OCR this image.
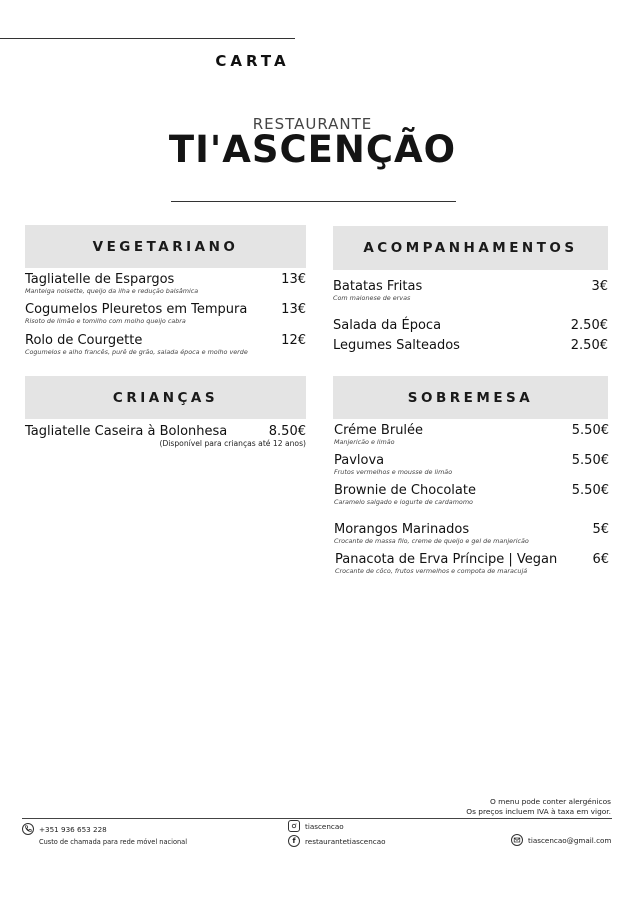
CARTA
RESTAURANTE
TI'ASCENÇÃO
VEGETARIANO
Tagliatelle de Espargos	13€
Manteiga noisette, queijo da ilha e redução balsâmica
Cogumelos Pleuretos em Tempura	13€
Risoto de limão e tomilho com molho queijo cabra
Rolo de Courgette	12€
Cogumelos e alho francês, purê de grão, salada época e molho verde
CRIANÇAS
Tagliatelle Caseira à Bolonhesa	8.50€
(Disponível para crianças até 12 anos)
ACOMPANHAMENTOS
Batatas Fritas	3€
Com maionese de ervas
Salada da Época	2.50€
Legumes Salteados	2.50€
SOBREMESA
Créme Brulée	5.50€
Manjericão e limão
Pavlova	5.50€
Frutos vermelhos e mousse de limão
Brownie de Chocolate	5.50€
Caramelo salgado e iogurte de cardamomo
Morangos Marinados	5€
Crocante de massa filo, creme de queijo e gel de manjericão
Panacota de Erva Príncipe | Vegan	6€
Crocante de côco, frutos vermelhos e compota de maracujá
O menu pode conter alergénicos
Os preços incluem IVA à taxa em vigor.
+351 936 653 228
Custo de chamada para rede móvel nacional
tiascencao
f	restaurantetiascencao	tiascencao@gmail.com
